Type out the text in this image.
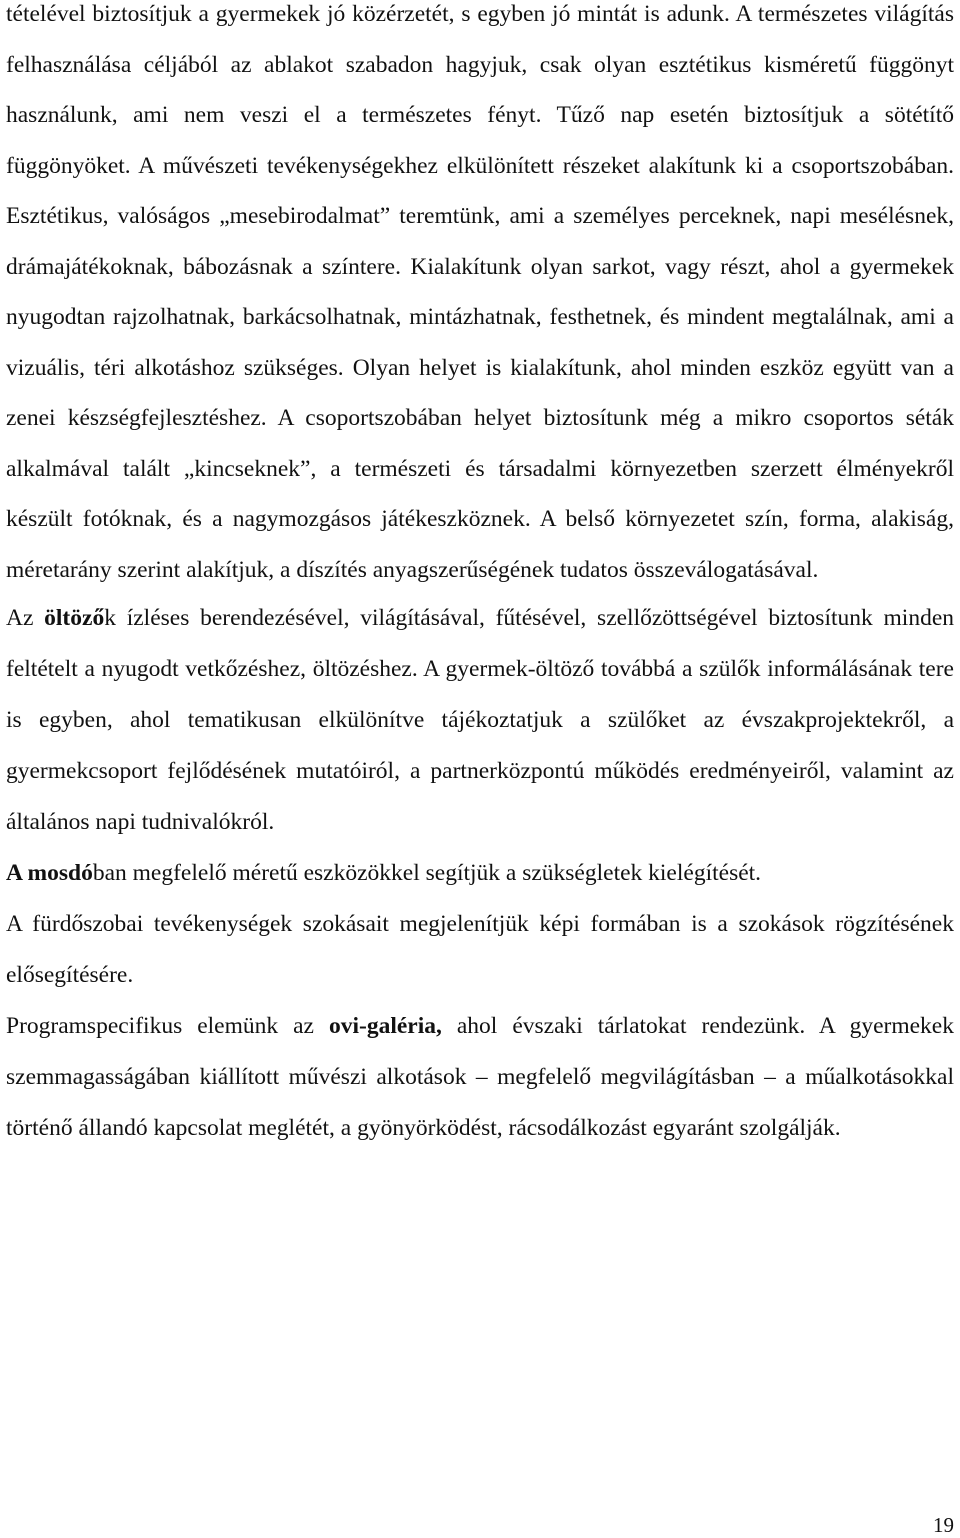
tételével biztosítjuk a gyermekek jó közérzetét, s egyben jó mintát is adunk. A természetes világítás felhasználása céljából az ablakot szabadon hagyjuk, csak olyan esztétikus kisméretű függönyt használunk, ami nem veszi el a természetes fényt. Tűző nap esetén biztosítjuk a sötétítő függönyöket. A művészeti tevékenységekhez elkülönített részeket alakítunk ki a csoportszobában. Esztétikus, valóságos „mesebirodalmat” teremtünk, ami a személyes perceknek, napi mesélésnek, drámajátékoknak, bábozásnak a színtere. Kialakítunk olyan sarkot, vagy részt, ahol a gyermekek nyugodtan rajzolhatnak, barkácsolhatnak, mintázhatnak, festhetnek, és mindent megtalálnak, ami a vizuális, téri alkotáshoz szükséges. Olyan helyet is kialakítunk, ahol minden eszköz együtt van a zenei készségfejlesztéshez. A csoportszobában helyet biztosítunk még a mikro csoportos séták alkalmával talált „kincseknek”, a természeti és társadalmi környezetben szerzett élményekről készült fotóknak, és a nagymozgásos játékeszköznek. A belső környezetet szín, forma, alakiság, méretarány szerint alakítjuk, a díszítés anyagszerűségének tudatos összeválogatásával.

Az öltözők ízléses berendezésével, világításával, fűtésével, szellőzöttségével biztosítunk minden feltételt a nyugodt vetkőzéshez, öltözéshez. A gyermek-öltöző továbbá a szülők informálásának tere is egyben, ahol tematikusan elkülönítve tájékoztatjuk a szülőket az évszakprojektekről, a gyermekcsoport fejlődésének mutatóiról, a partnerközpontú működés eredményeiről, valamint az általános napi tudnivalókról.

A mosdóban megfelelő méretű eszközökkel segítjük a szükségletek kielégítését.

A fürdőszobai tevékenységek szokásait megjelenítjük képi formában is a szokások rögzítésének elősegítésére.

Programspecifikus elemünk az ovi-galéria, ahol évszaki tárlatokat rendezünk. A gyermekek szemmagasságában kiállított művészi alkotások – megfelelő megvilágításban – a műalkotásokkal történő állandó kapcsolat meglétét, a gyönyörködést, rácsodálkozást egyaránt szolgálják.

19
